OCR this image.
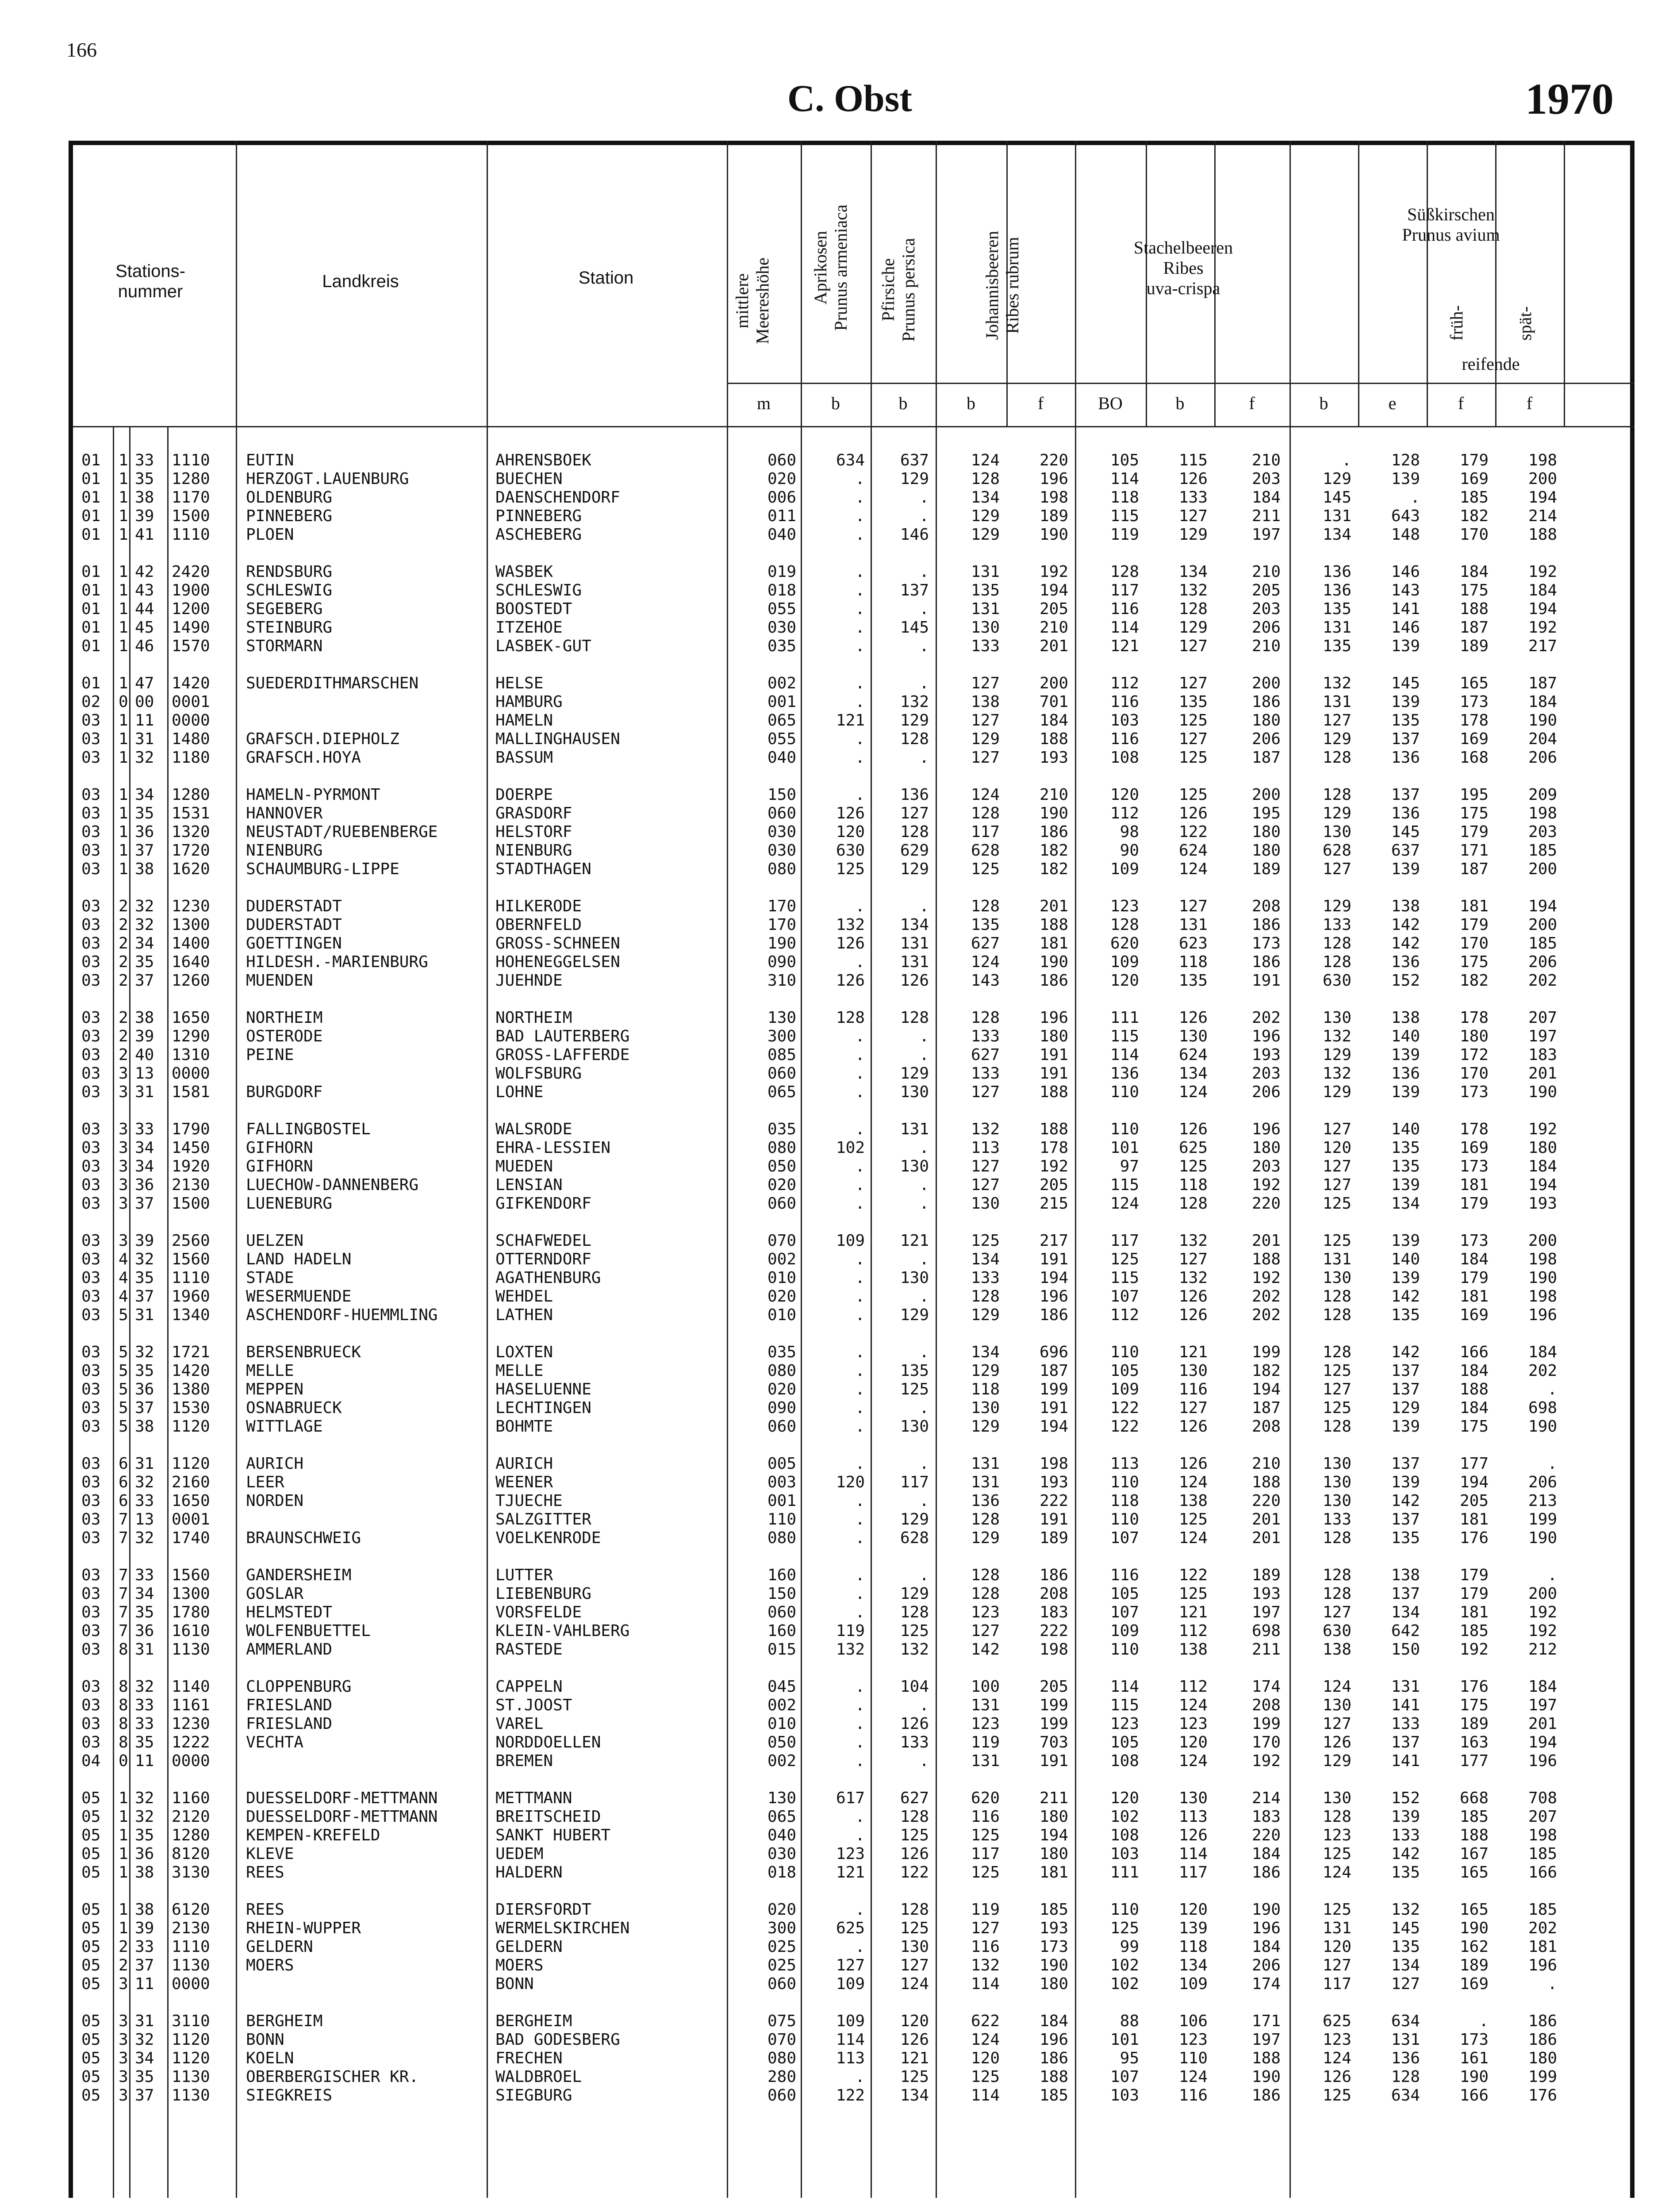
166
C. Obst	1970
Stations-
nummer
Landkreis	Station	mittlere
Meereshöhe Aprikosen
Prunus armeniaca
Pfirsiche
Prunus persica	Johannisbeeren
Ribes rubrum	Stachelbeeren
Ribes
uva-crispa
Süßkirschen
Prunus avium
früh-	spät-
reifende
m	b	b	b	f	BO	b	f	b	e	f	f
01 1 33 1110 EUTIN	AHRENSBOEK	060	634	637	124	220	105	115	210	.	128	179	198
01 1 35 1280 HERZOGT.LAUENBURG	BUECHEN	020	.	129	128	196	114	126	203	129	139	169	200
01 1 38 1170 OLDENBURG	DAENSCHENDORF	006	.	.	134	198	118	133	184	145	.	185	194
01 1 39 1500 PINNEBERG	PINNEBERG	011	.	.	129	189	115	127	211	131	643	182	214
01 1 41 1110 PLOEN	ASCHEBERG	040	.	146	129	190	119	129	197	134	148	170	188
01 1 42 2420 RENDSBURG	WASBEK	019	.	.	131	192	128	134	210	136	146	184	192
01 1 43 1900 SCHLESWIG	SCHLESWIG	018	.	137	135	194	117	132	205	136	143	175	184
01 1 44 1200 SEGEBERG	BOOSTEDT	055	.	.	131	205	116	128	203	135	141	188	194
01 1 45 1490 STEINBURG	ITZEHOE	030	.	145	130	210	114	129	206	131	146	187	192
01 1 46 1570 STORMARN	LASBEK-GUT	035	.	.	133	201	121	127	210	135	139	189	217
01 1 47 1420 SUEDERDITHMARSCHEN	HELSE	002	.	.	127	200	112	127	200	132	145	165	187
02 0 00 0001	HAMBURG	001	.	132	138	701	116	135	186	131	139	173	184
03 1 11 0000	HAMELN	065	121	129	127	184	103	125	180	127	135	178	190
03 1 31 1480 GRAFSCH.DIEPHOLZ	MALLINGHAUSEN	055	.	128	129	188	116	127	206	129	137	169	204
03 1 32 1180 GRAFSCH.HOYA	BASSUM	040	.	.	127	193	108	125	187	128	136	168	206
03 1 34 1280 HAMELN-PYRMONT	DOERPE	150	.	136	124	210	120	125	200	128	137	195	209
03 1 35 1531 HANNOVER	GRASDORF	060	126	127	128	190	112	126	195	129	136	175	198
03 1 36 1320 NEUSTADT/RUEBENBERGE	HELSTORF	030	120	128	117	186	98	122	180	130	145	179	203
03 1 37 1720 NIENBURG	NIENBURG	030	630	629	628	182	90	624	180	628	637	171	185
03 1 38 1620 SCHAUMBURG-LIPPE	STADTHAGEN	080	125	129	125	182	109	124	189	127	139	187	200
03 2 32 1230 DUDERSTADT	HILKERODE	170	.	.	128	201	123	127	208	129	138	181	194
03 2 32 1300 DUDERSTADT	OBERNFELD	170	132	134	135	188	128	131	186	133	142	179	200
03 2 34 1400 GOETTINGEN	GROSS-SCHNEEN	190	126	131	627	181	620	623	173	128	142	170	185
03 2 35 1640 HILDESH.-MARIENBURG	HOHENEGGELSEN	090	.	131	124	190	109	118	186	128	136	175	206
03 2 37 1260 MUENDEN	JUEHNDE	310	126	126	143	186	120	135	191	630	152	182	202
03 2 38 1650 NORTHEIM	NORTHEIM	130	128	128	128	196	111	126	202	130	138	178	207
03 2 39 1290 OSTERODE	BAD LAUTERBERG	300	.	.	133	180	115	130	196	132	140	180	197
03 2 40 1310 PEINE	GROSS-LAFFERDE	085	.	.	627	191	114	624	193	129	139	172	183
03 3 13 0000	WOLFSBURG	060	.	129	133	191	136	134	203	132	136	170	201
03 3 31 1581 BURGDORF	LOHNE	065	.	130	127	188	110	124	206	129	139	173	190
03 3 33 1790 FALLINGBOSTEL	WALSRODE	035	.	131	132	188	110	126	196	127	140	178	192
03 3 34 1450 GIFHORN	EHRA-LESSIEN	080	102	.	113	178	101	625	180	120	135	169	180
03 3 34 1920 GIFHORN	MUEDEN	050	.	130	127	192	97	125	203	127	135	173	184
03 3 36 2130 LUECHOW-DANNENBERG	LENSIAN	020	.	.	127	205	115	118	192	127	139	181	194
03 3 37 1500 LUENEBURG	GIFKENDORF	060	.	.	130	215	124	128	220	125	134	179	193
03 3 39 2560 UELZEN	SCHAFWEDEL	070	109	121	125	217	117	132	201	125	139	173	200
03 4 32 1560 LAND HADELN	OTTERNDORF	002	.	.	134	191	125	127	188	131	140	184	198
03 4 35 1110 STADE	AGATHENBURG	010	.	130	133	194	115	132	192	130	139	179	190
03 4 37 1960 WESERMUENDE	WEHDEL	020	.	.	128	196	107	126	202	128	142	181	198
03 5 31 1340 ASCHENDORF-HUEMMLING	LATHEN	010	.	129	129	186	112	126	202	128	135	169	196
03 5 32 1721 BERSENBRUECK	LOXTEN	035	.	.	134	696	110	121	199	128	142	166	184
03 5 35 1420 MELLE	MELLE	080	.	135	129	187	105	130	182	125	137	184	202
03 5 36 1380 MEPPEN	HASELUENNE	020	.	125	118	199	109	116	194	127	137	188	.
03 5 37 1530 OSNABRUECK	LECHTINGEN	090	.	.	130	191	122	127	187	125	129	184	698
03 5 38 1120 WITTLAGE	BOHMTE	060	.	130	129	194	122	126	208	128	139	175	190
03 6 31 1120 AURICH	AURICH	005	.	.	131	198	113	126	210	130	137	177	.
03 6 32 2160 LEER	WEENER	003	120	117	131	193	110	124	188	130	139	194	206
03 6 33 1650 NORDEN	TJUECHE	001	.	.	136	222	118	138	220	130	142	205	213
03 7 13 0001	SALZGITTER	110	.	129	128	191	110	125	201	133	137	181	199
03 7 32 1740 BRAUNSCHWEIG	VOELKENRODE	080	.	628	129	189	107	124	201	128	135	176	190
03 7 33 1560 GANDERSHEIM	LUTTER	160	.	.	128	186	116	122	189	128	138	179	.
03 7 34 1300 GOSLAR	LIEBENBURG	150	.	129	128	208	105	125	193	128	137	179	200
03 7 35 1780 HELMSTEDT	VORSFELDE	060	.	128	123	183	107	121	197	127	134	181	192
03 7 36 1610 WOLFENBUETTEL	KLEIN-VAHLBERG	160	119	125	127	222	109	112	698	630	642	185	192
03 8 31 1130 AMMERLAND	RASTEDE	015	132	132	142	198	110	138	211	138	150	192	212
03 8 32 1140 CLOPPENBURG	CAPPELN	045	.	104	100	205	114	112	174	124	131	176	184
03 8 33 1161 FRIESLAND	ST.JOOST	002	.	.	131	199	115	124	208	130	141	175	197
03 8 33 1230 FRIESLAND	VAREL	010	.	126	123	199	123	123	199	127	133	189	201
03 8 35 1222 VECHTA	NORDDOELLEN	050	.	133	119	703	105	120	170	126	137	163	194
04 0 11 0000	BREMEN	002	.	.	131	191	108	124	192	129	141	177	196
05 1 32 1160 DUESSELDORF-METTMANN	METTMANN	130	617	627	620	211	120	130	214	130	152	668	708
05 1 32 2120 DUESSELDORF-METTMANN	BREITSCHEID	065	.	128	116	180	102	113	183	128	139	185	207
05 1 35 1280 KEMPEN-KREFELD	SANKT HUBERT	040	.	125	125	194	108	126	220	123	133	188	198
05 1 36 8120 KLEVE	UEDEM	030	123	126	117	180	103	114	184	125	142	167	185
05 1 38 3130 REES	HALDERN	018	121	122	125	181	111	117	186	124	135	165	166
05 1 38 6120 REES	DIERSFORDT	020	.	128	119	185	110	120	190	125	132	165	185
05 1 39 2130 RHEIN-WUPPER	WERMELSKIRCHEN	300	625	125	127	193	125	139	196	131	145	190	202
05 2 33 1110 GELDERN	GELDERN	025	.	130	116	173	99	118	184	120	135	162	181
05 2 37 1130 MOERS	MOERS	025	127	127	132	190	102	134	206	127	134	189	196
05 3 11 0000	BONN	060	109	124	114	180	102	109	174	117	127	169	.
05 3 31 3110 BERGHEIM	BERGHEIM	075	109	120	622	184	88	106	171	625	634	.	186
05 3 32 1120 BONN	BAD GODESBERG	070	114	126	124	196	101	123	197	123	131	173	186
05 3 34 1120 KOELN	FRECHEN	080	113	121	120	186	95	110	188	124	136	161	180
05 3 35 1130 OBERBERGISCHER KR.	WALDBROEL	280	.	125	125	188	107	124	190	126	128	190	199
05 3 37 1130 SIEGKREIS	SIEGBURG	060	122	134	114	185	103	116	186	125	634	166	176
